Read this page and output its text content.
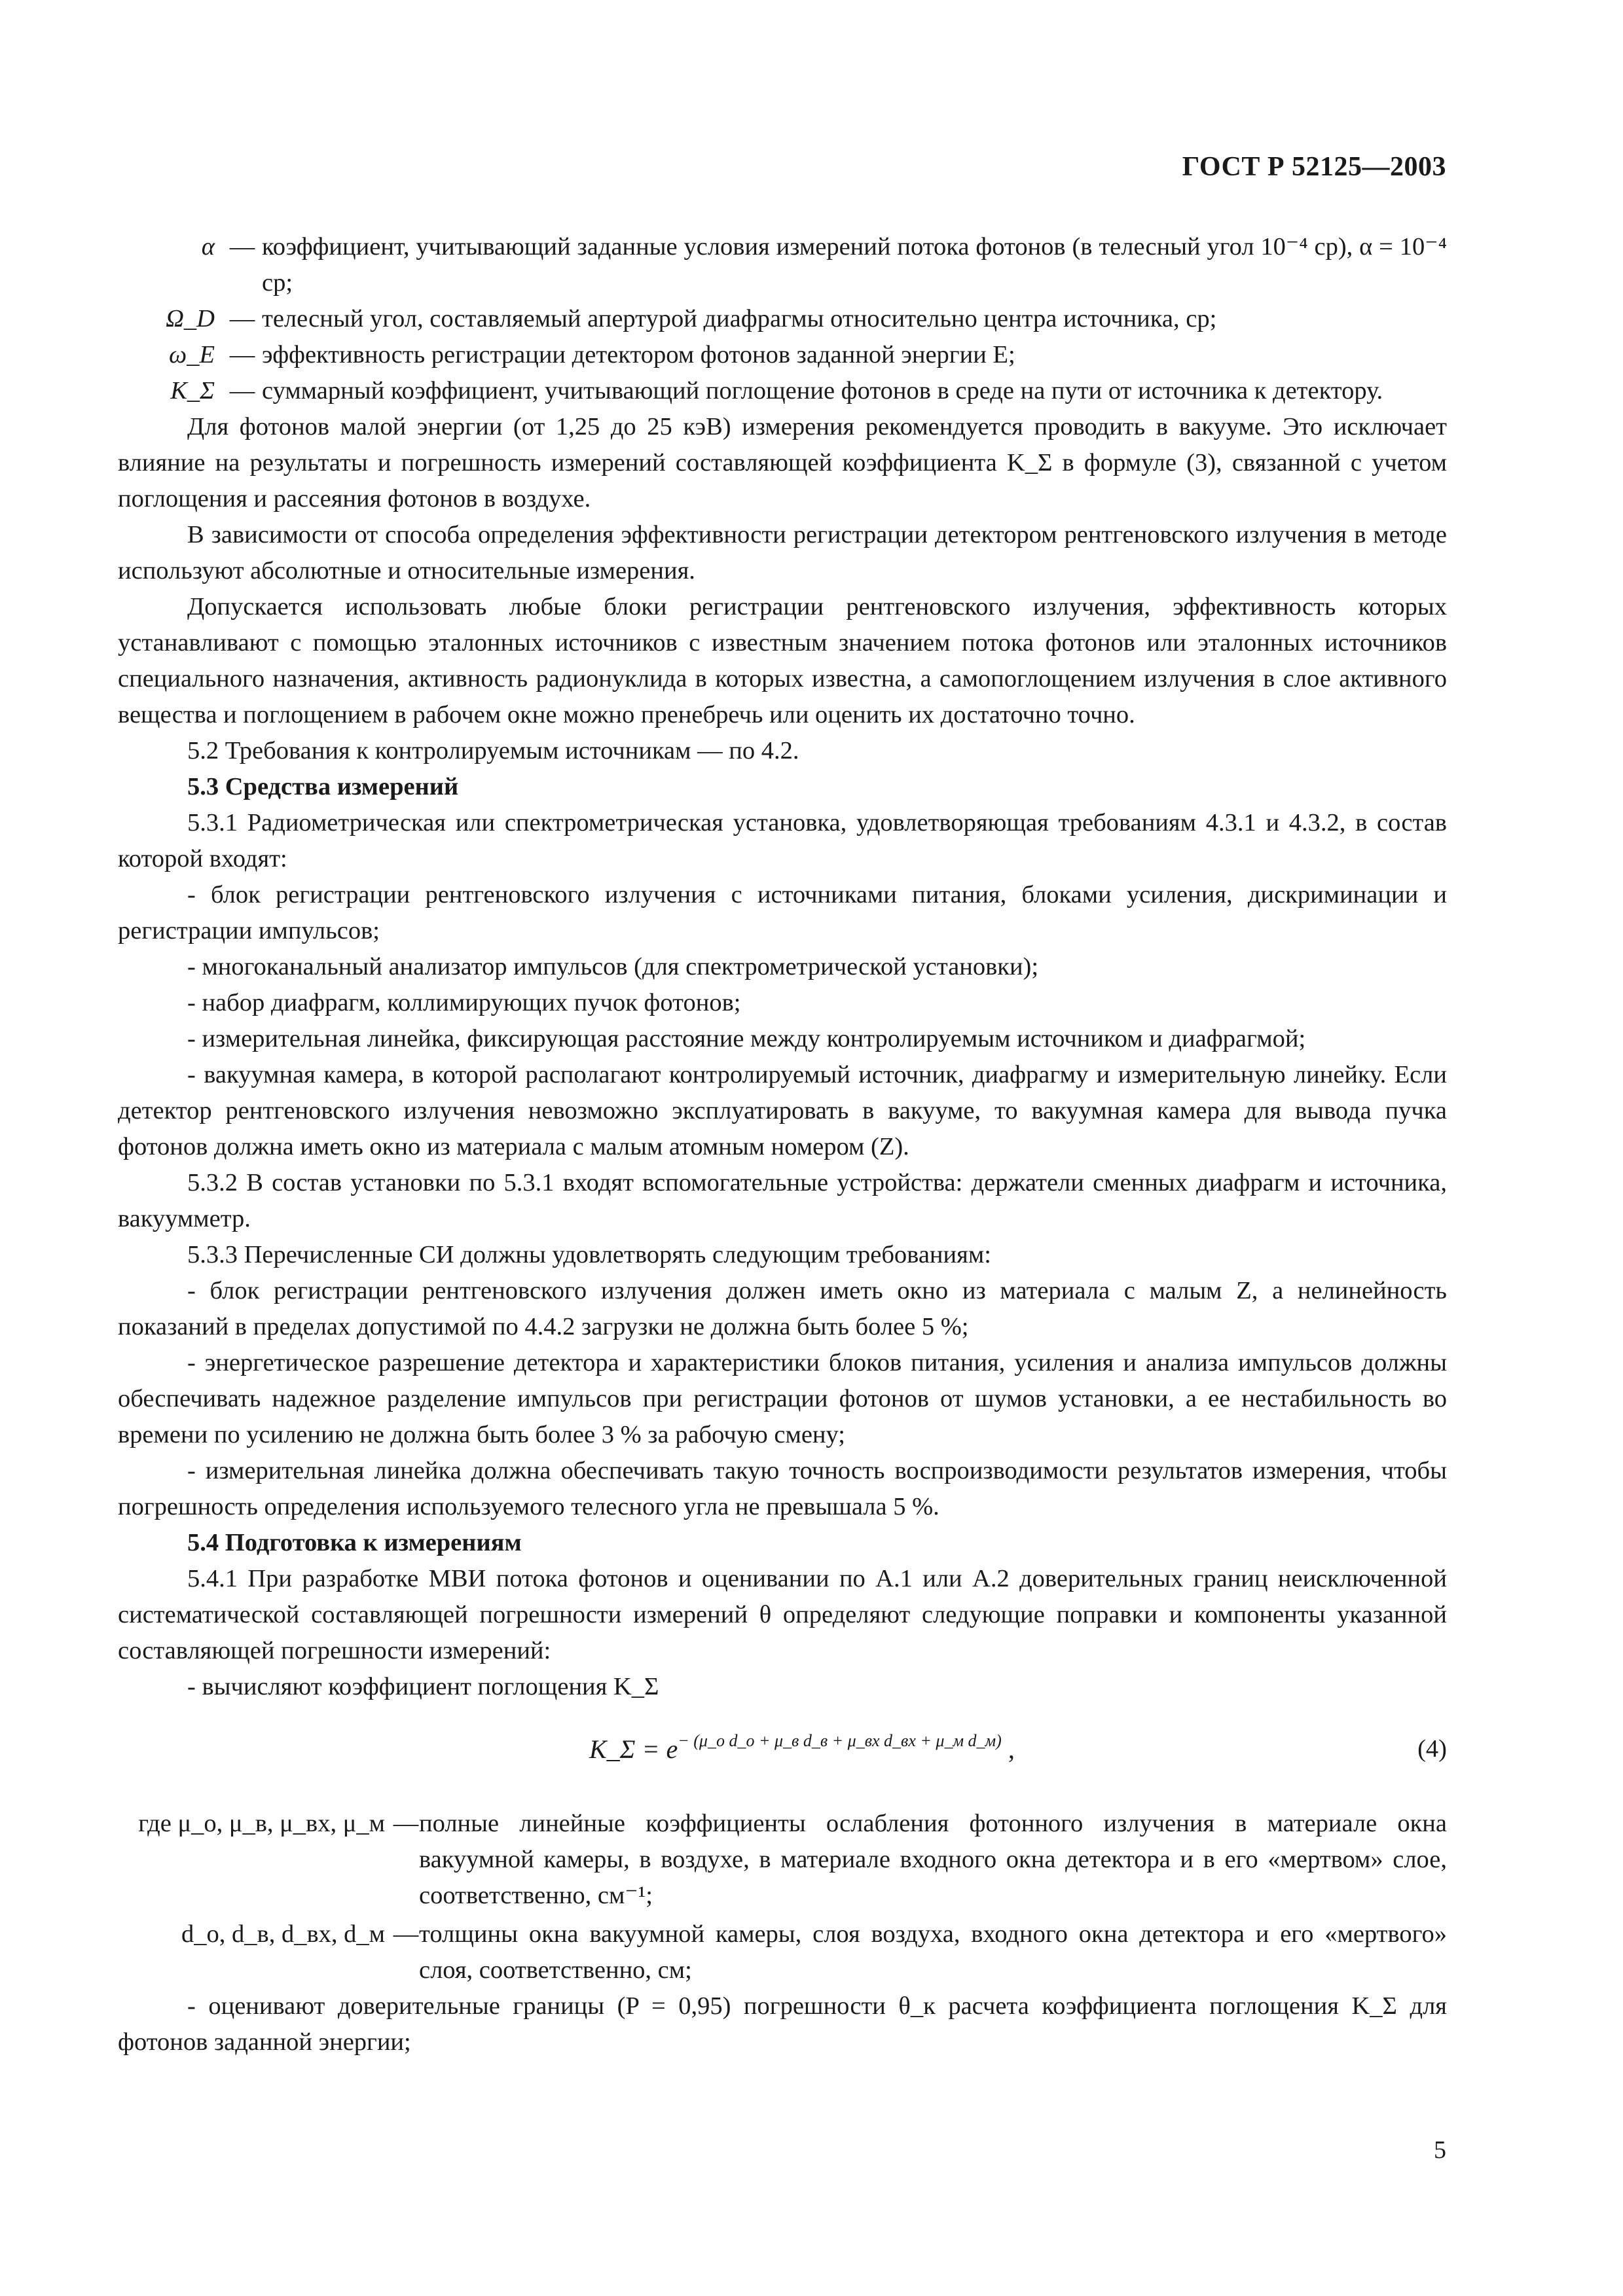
ГОСТ Р 52125—2003
α — коэффициент, учитывающий заданные условия измерений потока фотонов (в телесный угол 10⁻⁴ ср), α = 10⁻⁴ ср;
Ω_D — телесный угол, составляемый апертурой диафрагмы относительно центра источника, ср;
ω_E — эффективность регистрации детектором фотонов заданной энергии E;
K_Σ — суммарный коэффициент, учитывающий поглощение фотонов в среде на пути от источника к детектору.

Для фотонов малой энергии (от 1,25 до 25 кэВ) измерения рекомендуется проводить в вакууме. Это исключает влияние на результаты и погрешность измерений составляющей коэффициента K_Σ в формуле (3), связанной с учетом поглощения и рассеяния фотонов в воздухе.

В зависимости от способа определения эффективности регистрации детектором рентгеновского излучения в методе используют абсолютные и относительные измерения.

Допускается использовать любые блоки регистрации рентгеновского излучения, эффективность которых устанавливают с помощью эталонных источников с известным значением потока фотонов или эталонных источников специального назначения, активность радионуклида в которых известна, а самопоглощением излучения в слое активного вещества и поглощением в рабочем окне можно пренебречь или оценить их достаточно точно.

5.2 Требования к контролируемым источникам — по 4.2.

5.3 Средства измерений

5.3.1 Радиометрическая или спектрометрическая установка, удовлетворяющая требованиям 4.3.1 и 4.3.2, в состав которой входят:

- блок регистрации рентгеновского излучения с источниками питания, блоками усиления, дискриминации и регистрации импульсов;

- многоканальный анализатор импульсов (для спектрометрической установки);

- набор диафрагм, коллимирующих пучок фотонов;

- измерительная линейка, фиксирующая расстояние между контролируемым источником и диафрагмой;

- вакуумная камера, в которой располагают контролируемый источник, диафрагму и измерительную линейку. Если детектор рентгеновского излучения невозможно эксплуатировать в вакууме, то вакуумная камера для вывода пучка фотонов должна иметь окно из материала с малым атомным номером (Z).

5.3.2 В состав установки по 5.3.1 входят вспомогательные устройства: держатели сменных диафрагм и источника, вакуумметр.

5.3.3 Перечисленные СИ должны удовлетворять следующим требованиям:

- блок регистрации рентгеновского излучения должен иметь окно из материала с малым Z, а нелинейность показаний в пределах допустимой по 4.4.2 загрузки не должна быть более 5 %;

- энергетическое разрешение детектора и характеристики блоков питания, усиления и анализа импульсов должны обеспечивать надежное разделение импульсов при регистрации фотонов от шумов установки, а ее нестабильность во времени по усилению не должна быть более 3 % за рабочую смену;

- измерительная линейка должна обеспечивать такую точность воспроизводимости результатов измерения, чтобы погрешность определения используемого телесного угла не превышала 5 %.

5.4 Подготовка к измерениям

5.4.1 При разработке МВИ потока фотонов и оценивании по А.1 или А.2 доверительных границ неисключенной систематической составляющей погрешности измерений θ определяют следующие поправки и компоненты указанной составляющей погрешности измерений:

- вычисляют коэффициент поглощения K_Σ

K_Σ = $e^{- (\mu\_о d\_о + \mu\_в d\_в + \mu\_вх d\_вх + \mu\_м d\_м)}$ ,	(4)
где μ_о, μ_в, μ_вх, μ_м — полные линейные коэффициенты ослабления фотонного излучения в материале окна вакуумной камеры, в воздухе, в материале входного окна детектора и в его «мертвом» слое, соответственно, см⁻¹;
d_о, d_в, d_вх, d_м — толщины окна вакуумной камеры, слоя воздуха, входного окна детектора и его «мертвого» слоя, соответственно, см;

- оценивают доверительные границы (P = 0,95) погрешности θ_к расчета коэффициента поглощения K_Σ для фотонов заданной энергии;

5
